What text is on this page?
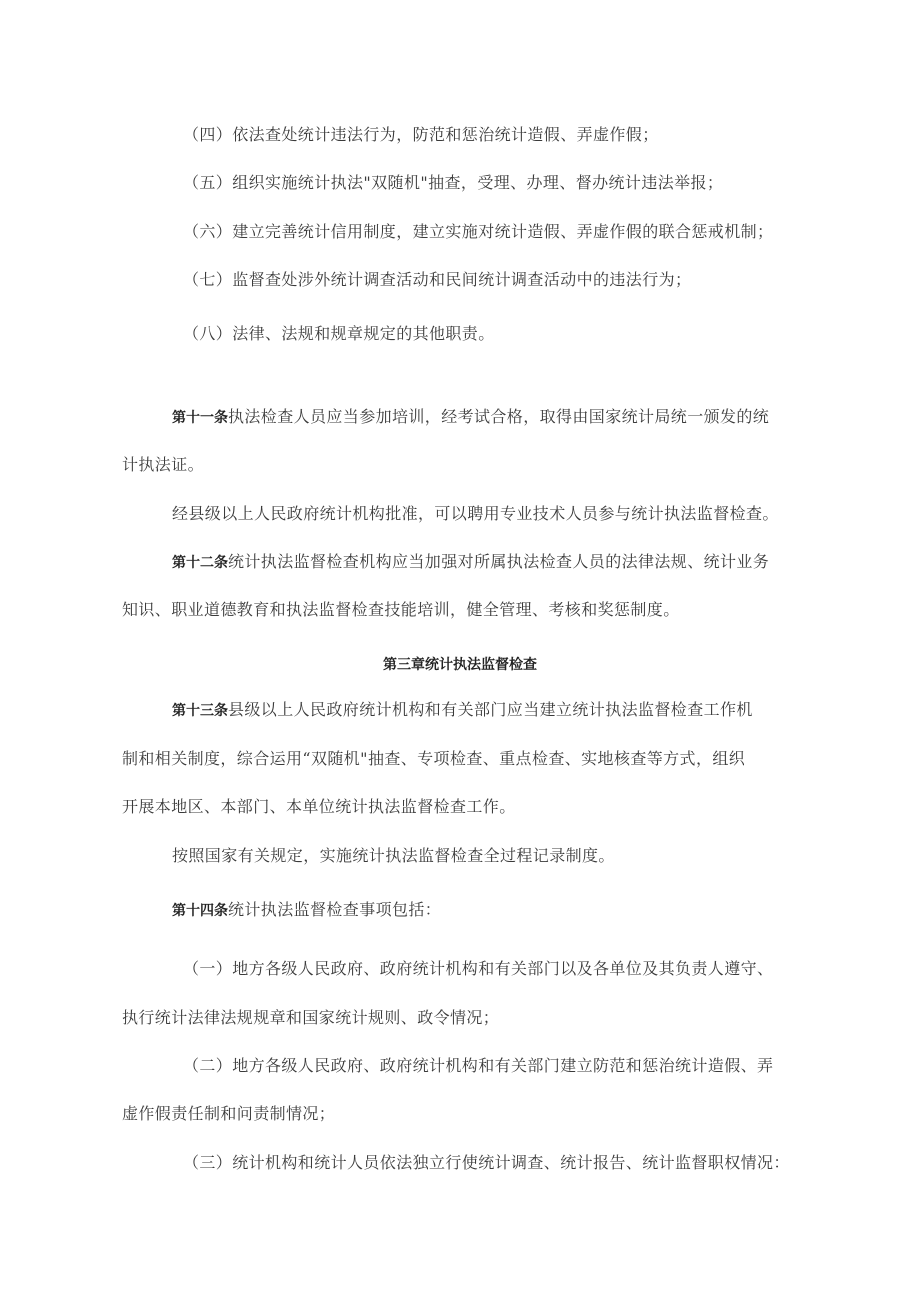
（四）依法查处统计违法行为，防范和惩治统计造假、弄虚作假；
（五）组织实施统计执法"双随机"抽查，受理、办理、督办统计违法举报；
（六）建立完善统计信用制度，建立实施对统计造假、弄虚作假的联合惩戒机制；
（七）监督查处涉外统计调查活动和民间统计调查活动中的违法行为；
（八）法律、法规和规章规定的其他职责。
第十一条执法检查人员应当参加培训，经考试合格，取得由国家统计局统一颁发的统
计执法证。
经县级以上人民政府统计机构批准，可以聘用专业技术人员参与统计执法监督检查。
第十二条统计执法监督检查机构应当加强对所属执法检查人员的法律法规、统计业务
知识、职业道德教育和执法监督检查技能培训，健全管理、考核和奖惩制度。
第三章统计执法监督检查
第十三条县级以上人民政府统计机构和有关部门应当建立统计执法监督检查工作机
制和相关制度，综合运用“双随机"抽查、专项检查、重点检查、实地核查等方式，组织
开展本地区、本部门、本单位统计执法监督检查工作。
按照国家有关规定，实施统计执法监督检查全过程记录制度。
第十四条统计执法监督检查事项包括：
（一）地方各级人民政府、政府统计机构和有关部门以及各单位及其负责人遵守、
执行统计法律法规规章和国家统计规则、政令情况；
（二）地方各级人民政府、政府统计机构和有关部门建立防范和惩治统计造假、弄
虚作假责任制和问责制情况；
（三）统计机构和统计人员依法独立行使统计调查、统计报告、统计监督职权情况：
